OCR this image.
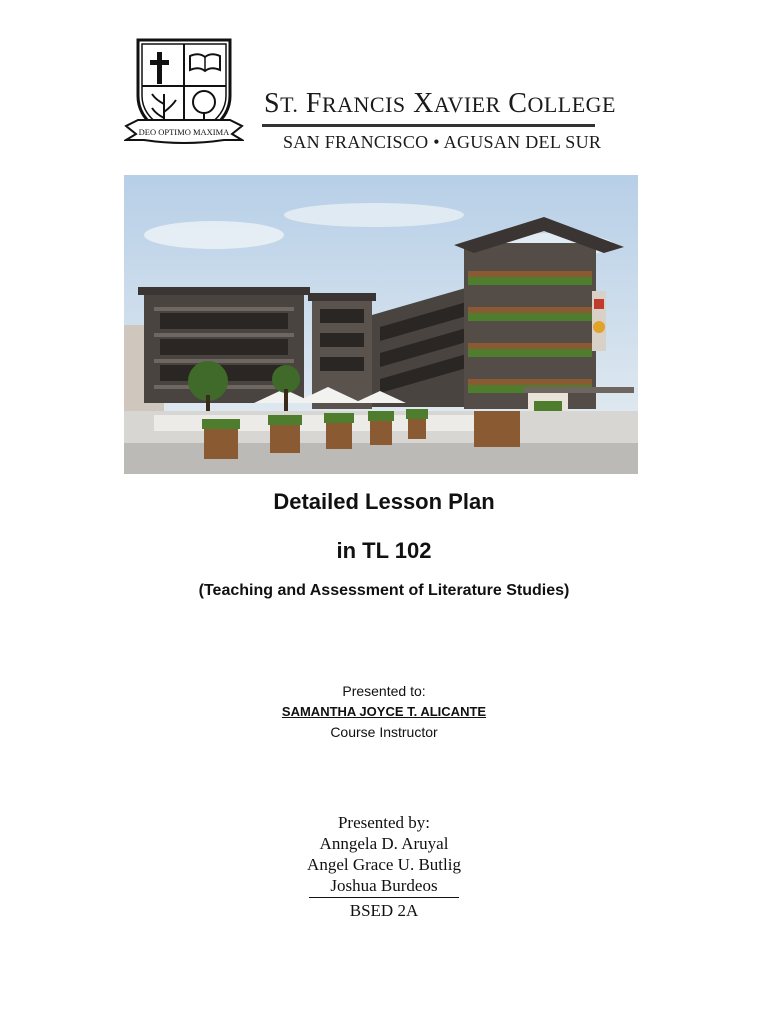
DEO OPTIMO MAXIMA
ST. FRANCIS XAVIER COLLEGE
SAN FRANCISCO • AGUSAN DEL SUR
Detailed Lesson Plan
in TL 102
(Teaching and Assessment of Literature Studies)
Presented to:
SAMANTHA JOYCE T. ALICANTE
Course Instructor
Presented by:
Anngela D. Aruyal
Angel Grace U. Butlig
Joshua Burdeos
BSED 2A
